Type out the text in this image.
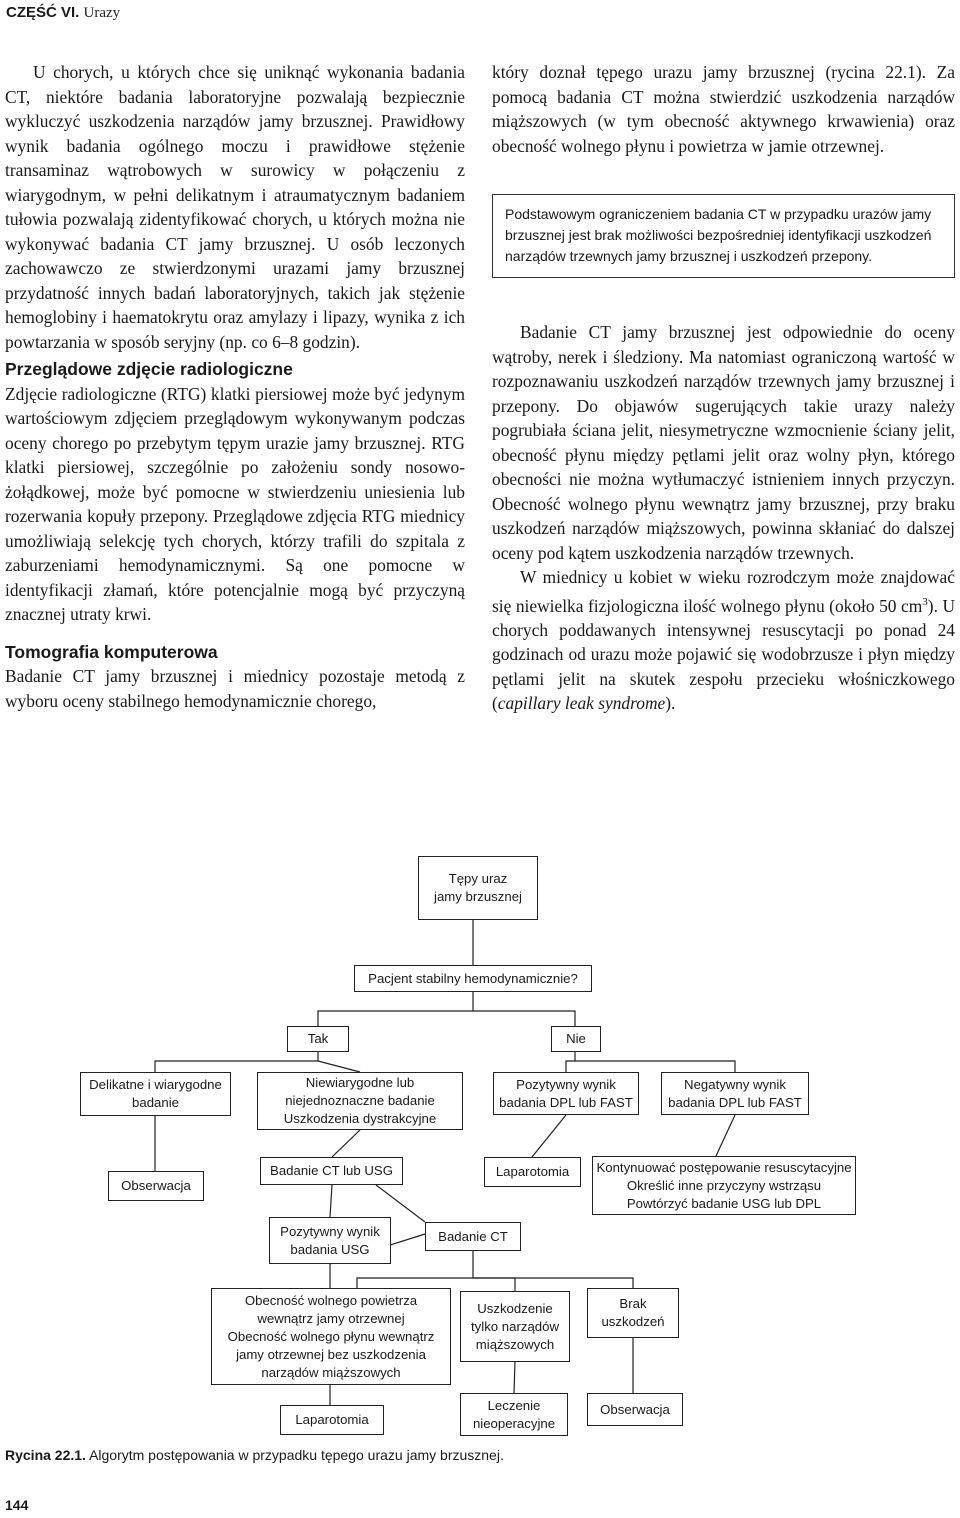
CZĘŚĆ VI. Urazy

U chorych, u których chce się uniknąć wykonania badania CT, niektóre badania laboratoryjne pozwalają bezpiecznie wykluczyć uszkodzenia narządów jamy brzusznej. Prawidłowy wynik badania ogólnego moczu i prawidłowe stężenie transaminaz wątrobowych w surowicy w połączeniu z wiarygodnym, w pełni delikatnym i atraumatycznym badaniem tułowia pozwalają zidentyfikować chorych, u których można nie wykonywać badania CT jamy brzusznej. U osób leczonych zachowawczo ze stwierdzonymi urazami jamy brzusznej przydatność innych badań laboratoryjnych, takich jak stężenie hemoglobiny i haematokrytu oraz amylazy i lipazy, wynika z ich powtarzania w sposób seryjny (np. co 6–8 godzin).

Przeglądowe zdjęcie radiologiczne

Zdjęcie radiologiczne (RTG) klatki piersiowej może być jedynym wartościowym zdjęciem przeglądowym wykonywanym podczas oceny chorego po przebytym tępym urazie jamy brzusznej. RTG klatki piersiowej, szczególnie po założeniu sondy nosowo-żołądkowej, może być pomocne w stwierdzeniu uniesienia lub rozerwania kopuły przepony. Przeglądowe zdjęcia RTG miednicy umożliwiają selekcję tych chorych, którzy trafili do szpitala z zaburzeniami hemodynamicznymi. Są one pomocne w identyfikacji złamań, które potencjalnie mogą być przyczyną znacznej utraty krwi.

Tomografia komputerowa

Badanie CT jamy brzusznej i miednicy pozostaje metodą z wyboru oceny stabilnego hemodynamicznie chorego,

który doznał tępego urazu jamy brzusznej (rycina 22.1). Za pomocą badania CT można stwierdzić uszkodzenia narządów miąższowych (w tym obecność aktywnego krwawienia) oraz obecność wolnego płynu i powietrza w jamie otrzewnej.

Podstawowym ograniczeniem badania CT w przypadku urazów jamy brzusznej jest brak możliwości bezpośredniej identyfikacji uszkodzeń narządów trzewnych jamy brzusznej i uszkodzeń przepony.

Badanie CT jamy brzusznej jest odpowiednie do oceny wątroby, nerek i śledziony. Ma natomiast ograniczoną wartość w rozpoznawaniu uszkodzeń narządów trzewnych jamy brzusznej i przepony. Do objawów sugerujących takie urazy należy pogrubiała ściana jelit, niesymetryczne wzmocnienie ściany jelit, obecność płynu między pętlami jelit oraz wolny płyn, którego obecności nie można wytłumaczyć istnieniem innych przyczyn. Obecność wolnego płynu wewnątrz jamy brzusznej, przy braku uszkodzeń narządów miąższowych, powinna skłaniać do dalszej oceny pod kątem uszkodzenia narządów trzewnych.

W miednicy u kobiet w wieku rozrodczym może znajdować się niewielka fizjologiczna ilość wolnego płynu (około 50 $cm^3$). U chorych poddawanych intensywnej resuscytacji po ponad 24 godzinach od urazu może pojawić się wodobrzusze i płyn między pętlami jelit na skutek zespołu przecieku włośniczkowego (capillary leak syndrome).

Tępy uraz
jamy brzusznej
Pacjent stabilny hemodynamicznie?
Tak	Nie
Delikatne i wiarygodne
badanie
Niewiarygodne lub
niejednoznaczne badanie
Uszkodzenia dystrakcyjne
Pozytywny wynik
badania DPL lub FAST
Negatywny wynik
badania DPL lub FAST
Obserwacja
Badanie CT lub USG	Laparotomia	Kontynuować postępowanie resuscytacyjne
Określić inne przyczyny wstrząsu
Powtórzyć badanie USG lub DPL
Pozytywny wynik
badania USG
Badanie CT
Obecność wolnego powietrza
wewnątrz jamy otrzewnej
Obecność wolnego płynu wewnątrz
jamy otrzewnej bez uszkodzenia
narządów miąższowych
Uszkodzenie
tylko narządów
miąższowych
Brak
uszkodzeń
Laparotomia
Leczenie
nieoperacyjne
Obserwacja
Rycina 22.1. Algorytm postępowania w przypadku tępego urazu jamy brzusznej.
144
